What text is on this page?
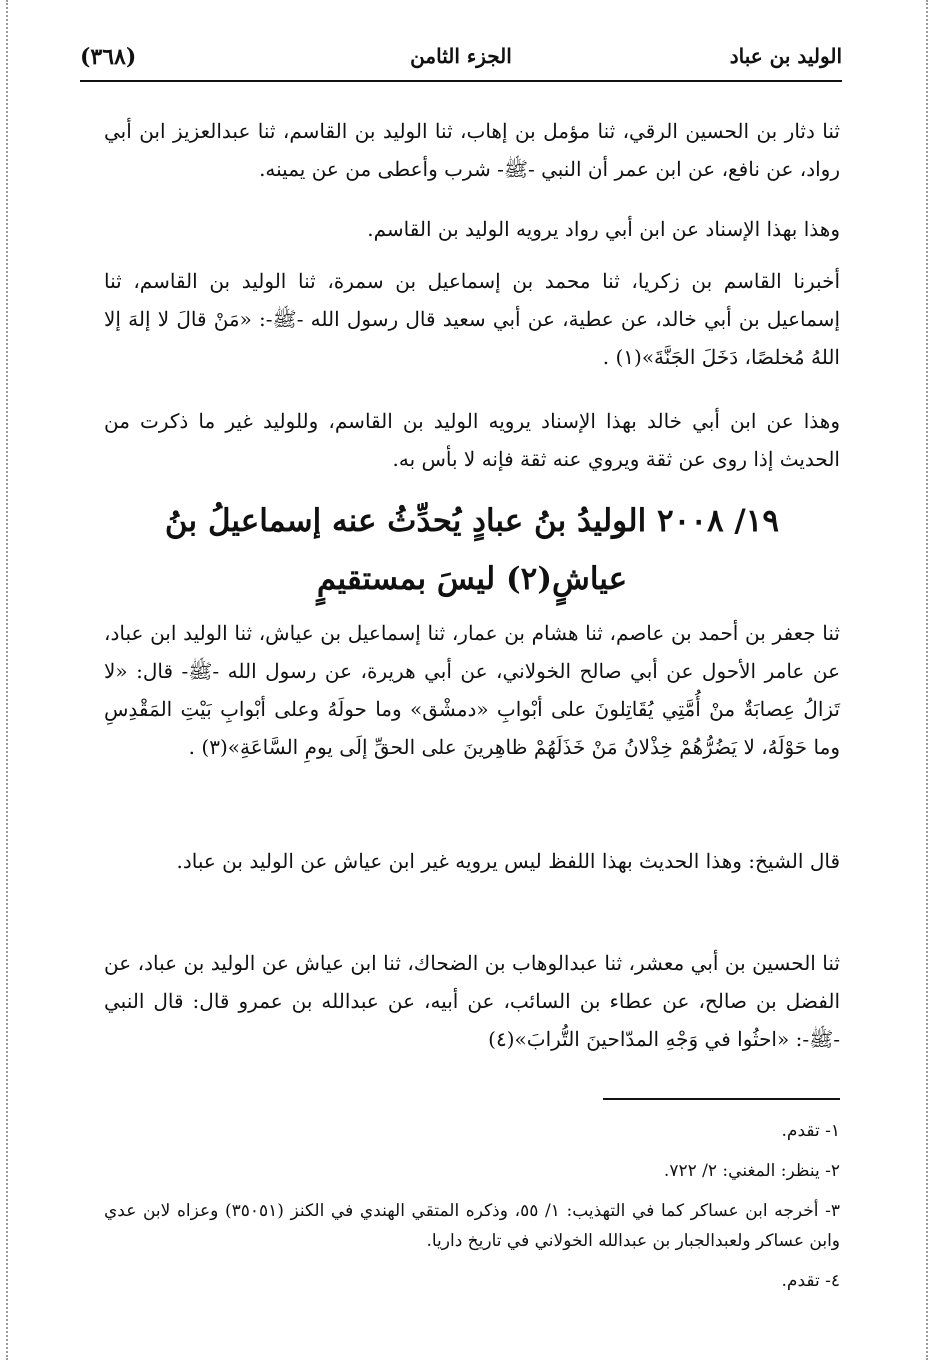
الوليد بن عباد
الجزء الثامن
(٣٦٨)

ثنا دثار بن الحسين الرقي، ثنا مؤمل بن إهاب، ثنا الوليد بن القاسم، ثنا عبدالعزيز ابن أبي رواد، عن نافع، عن ابن عمر أن النبي -ﷺ- شرب وأعطى من عن يمينه.

وهذا بهذا الإسناد عن ابن أبي رواد يرويه الوليد بن القاسم.

أخبرنا القاسم بن زكريا، ثنا محمد بن إسماعيل بن سمرة، ثنا الوليد بن القاسم، ثنا إسماعيل بن أبي خالد، عن عطية، عن أبي سعيد قال رسول الله -ﷺ-: «مَنْ قالَ لا إلهَ إلا اللهُ مُخلصًا، دَخَلَ الجَنَّةَ»(١) .

وهذا عن ابن أبي خالد بهذا الإسناد يرويه الوليد بن القاسم، وللوليد غير ما ذكرت من الحديث إذا روى عن ثقة ويروي عنه ثقة فإنه لا بأس به.

١٩/ ٢٠٠٨ الوليدُ بنُ عبادٍ يُحدِّثُ عنه إسماعيلُ بنُ عياشٍ(٢) ليسَ بمستقيمٍ

ثنا جعفر بن أحمد بن عاصم، ثنا هشام بن عمار، ثنا إسماعيل بن عياش، ثنا الوليد ابن عباد، عن عامر الأحول عن أبي صالح الخولاني، عن أبي هريرة، عن رسول الله -ﷺ- قال: «لا تَزالُ عِصابَةٌ منْ أُمَّتِي يُقَاتِلونَ على أبْوابِ «دمشْق» وما حولَهُ وعلى أبْوابِ بَيْتِ المَقْدِسِ وما حَوْلَهُ، لا يَضُرُّهُمْ خِذْلانُ مَنْ خَذَلَهُمْ ظاهِرينَ على الحقِّ إلَى يومِ السَّاعَةِ»(٣) .

قال الشيخ: وهذا الحديث بهذا اللفظ ليس يرويه غير ابن عياش عن الوليد بن عباد.

ثنا الحسين بن أبي معشر، ثنا عبدالوهاب بن الضحاك، ثنا ابن عياش عن الوليد بن عباد، عن الفضل بن صالح، عن عطاء بن السائب، عن أبيه، عن عبدالله بن عمرو قال: قال النبي -ﷺ-: «احثُوا في وَجْهِ المدّاحينَ التُّرابَ»(٤)

١- تقدم.

٢- ينظر: المغني: ٢/ ٧٢٢.

٣- أخرجه ابن عساكر كما في التهذيب: ١/ ٥٥، وذكره المتقي الهندي في الكنز (٣٥٠٥١) وعزاه لابن عدي وابن عساكر ولعبدالجبار بن عبدالله الخولاني في تاريخ داريا.

٤- تقدم.
